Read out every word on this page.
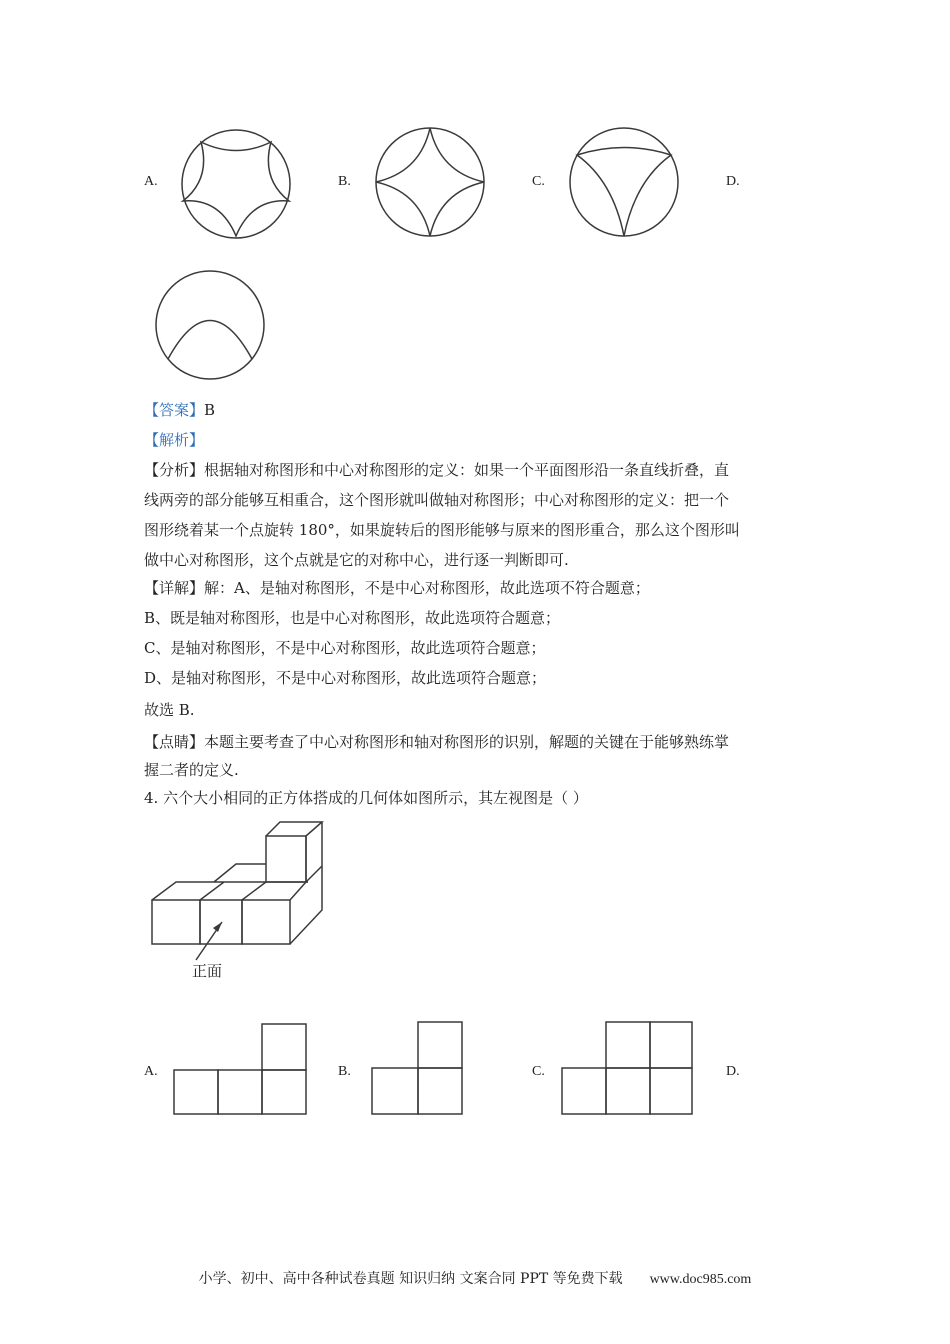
A.	B.	C.	D.
【答案】B
【解析】
【分析】根据轴对称图形和中心对称图形的定义：如果一个平面图形沿一条直线折叠，直
线两旁的部分能够互相重合，这个图形就叫做轴对称图形；中心对称图形的定义：把一个
图形绕着某一个点旋转 180°，如果旋转后的图形能够与原来的图形重合，那么这个图形叫
做中心对称图形，这个点就是它的对称中心，进行逐一判断即可.
【详解】解：A、是轴对称图形，不是中心对称图形，故此选项不符合题意；
B、既是轴对称图形，也是中心对称图形，故此选项符合题意；
C、是轴对称图形，不是中心对称图形，故此选项符合题意；
D、是轴对称图形，不是中心对称图形，故此选项符合题意；
故选 B.
【点睛】本题主要考查了中心对称图形和轴对称图形的识别，解题的关键在于能够熟练掌
握二者的定义.
4. 六个大小相同的正方体搭成的几何体如图所示，其左视图是（ ）
正面
A.	B.	C.	D.
小学、初中、高中各种试卷真题 知识归纳 文案合同 PPT 等免费下载 www.doc985.com
